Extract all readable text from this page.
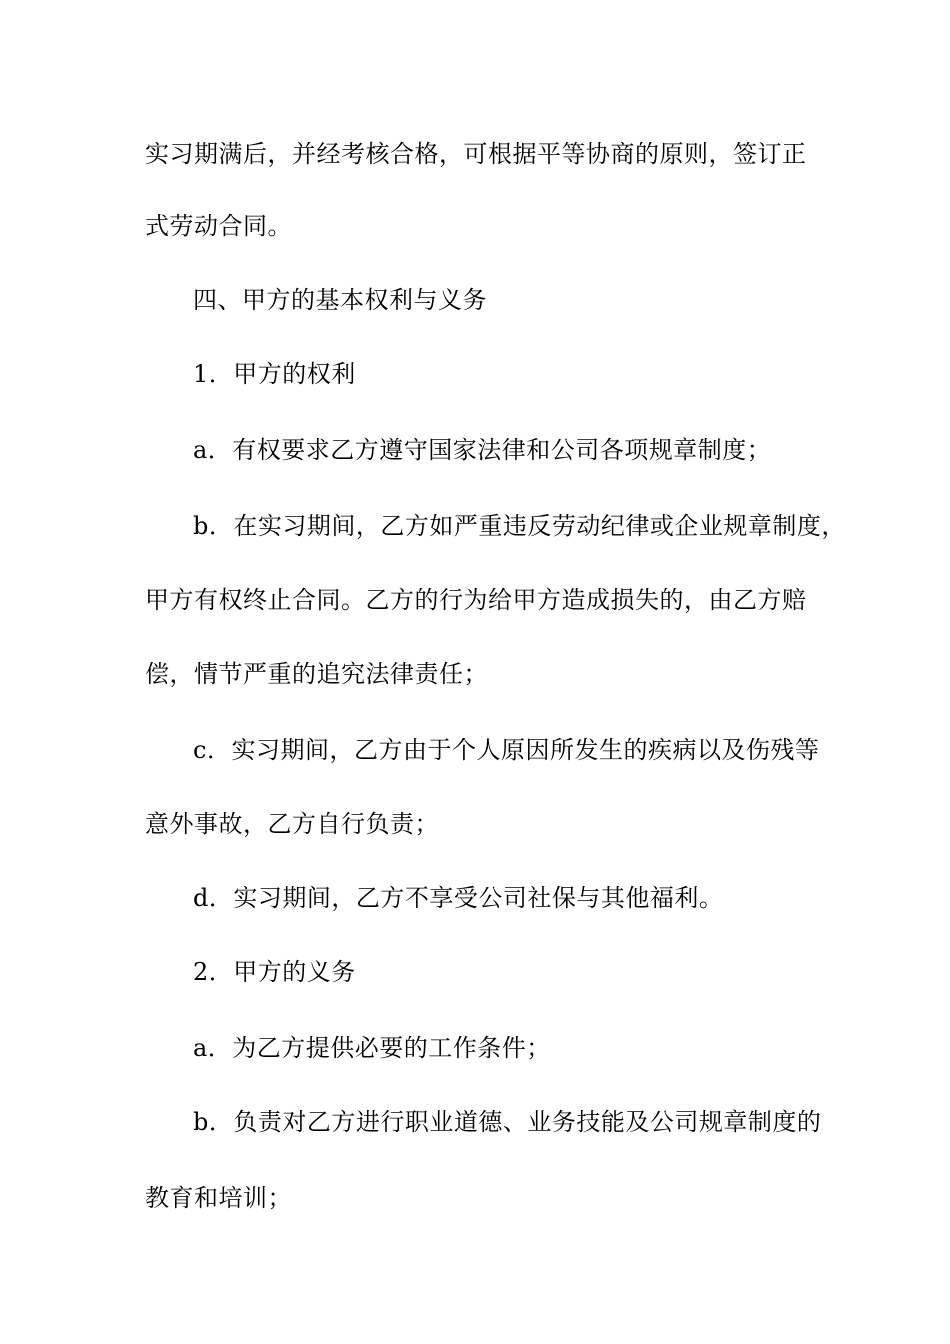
实习期满后，并经考核合格，可根据平等协商的原则，签订正
式劳动合同。
四、甲方的基本权利与义务
1．甲方的权利
a．有权要求乙方遵守国家法律和公司各项规章制度；
b．在实习期间，乙方如严重违反劳动纪律或企业规章制度，
甲方有权终止合同。乙方的行为给甲方造成损失的，由乙方赔
偿，情节严重的追究法律责任；
c．实习期间，乙方由于个人原因所发生的疾病以及伤残等
意外事故，乙方自行负责；
d．实习期间，乙方不享受公司社保与其他福利。
2．甲方的义务
a．为乙方提供必要的工作条件；
b．负责对乙方进行职业道德、业务技能及公司规章制度的
教育和培训；
